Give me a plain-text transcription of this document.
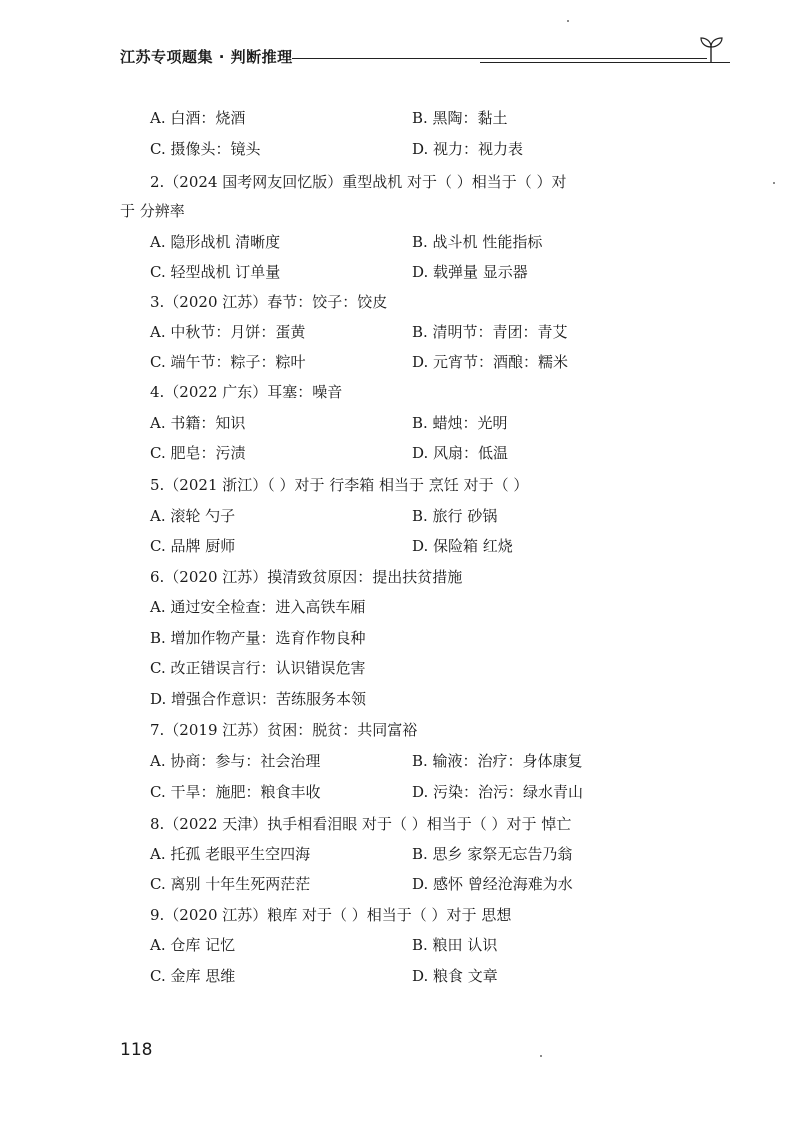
江苏专项题集 · 判断推理
A. 白酒：烧酒	B. 黑陶：黏土
C. 摄像头：镜头	D. 视力：视力表
2.（2024 国考网友回忆版）重型战机 对于（ ）相当于（ ）对
于 分辨率
A. 隐形战机 清晰度	B. 战斗机 性能指标
C. 轻型战机 订单量	D. 载弹量 显示器
3.（2020 江苏）春节：饺子：饺皮
A. 中秋节：月饼：蛋黄	B. 清明节：青团：青艾
C. 端午节：粽子：粽叶	D. 元宵节：酒酿：糯米
4.（2022 广东）耳塞：噪音
A. 书籍：知识	B. 蜡烛：光明
C. 肥皂：污渍	D. 风扇：低温
5.（2021 浙江）（ ）对于 行李箱 相当于 烹饪 对于（ ）
A. 滚轮 勺子	B. 旅行 砂锅
C. 品牌 厨师	D. 保险箱 红烧
6.（2020 江苏）摸清致贫原因：提出扶贫措施
A. 通过安全检查：进入高铁车厢
B. 增加作物产量：选育作物良种
C. 改正错误言行：认识错误危害
D. 增强合作意识：苦练服务本领
7.（2019 江苏）贫困：脱贫：共同富裕
A. 协商：参与：社会治理	B. 输液：治疗：身体康复
C. 干旱：施肥：粮食丰收	D. 污染：治污：绿水青山
8.（2022 天津）执手相看泪眼 对于（ ）相当于（ ）对于 悼亡
A. 托孤 老眼平生空四海	B. 思乡 家祭无忘告乃翁
C. 离别 十年生死两茫茫	D. 感怀 曾经沧海难为水
9.（2020 江苏）粮库 对于（ ）相当于（ ）对于 思想
A. 仓库 记忆	B. 粮田 认识
C. 金库 思维	D. 粮食 文章
118
